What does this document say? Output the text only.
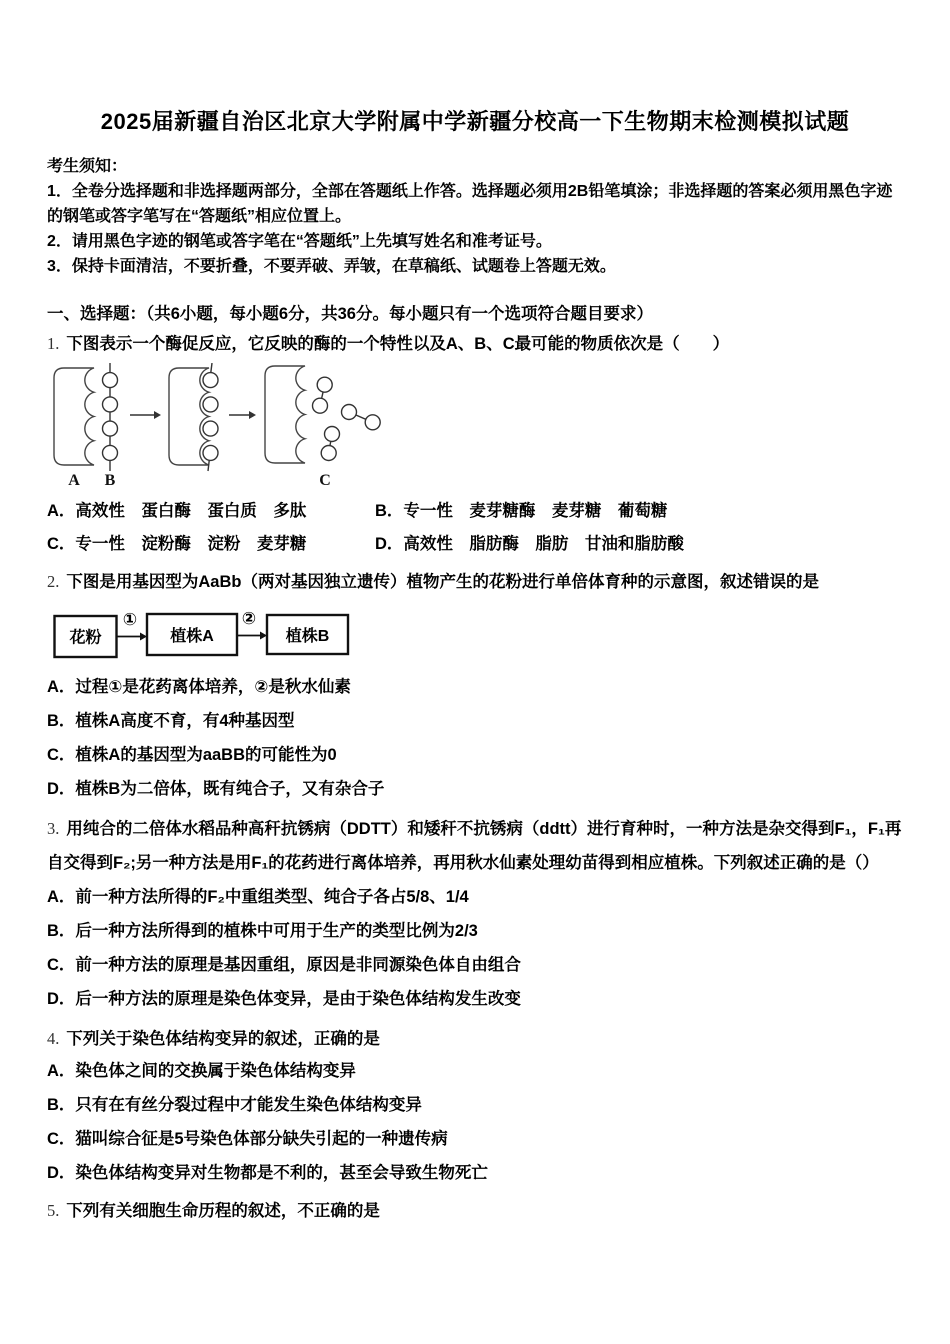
2025届新疆自治区北京大学附属中学新疆分校高一下生物期末检测模拟试题

考生须知：

1．全卷分选择题和非选择题两部分，全部在答题纸上作答。选择题必须用2B铅笔填涂；非选择题的答案必须用黑色字迹的钢笔或答字笔写在“答题纸”相应位置上。

2．请用黑色字迹的钢笔或答字笔在“答题纸”上先填写姓名和准考证号。

3．保持卡面清洁，不要折叠，不要弄破、弄皱，在草稿纸、试题卷上答题无效。

一、选择题：（共6小题，每小题6分，共36分。每小题只有一个选项符合题目要求）

1. 下图表示一个酶促反应，它反映的酶的一个特性以及A、B、C最可能的物质依次是（　　）

A B	C
A．高效性　蛋白酶　蛋白质　多肽	B．专一性　麦芽糖酶　麦芽糖　葡萄糖
C．专一性　淀粉酶　淀粉　麦芽糖	D．高效性　脂肪酶　脂肪　甘油和脂肪酸

2. 下图是用基因型为AaBb（两对基因独立遗传）植物产生的花粉进行单倍体育种的示意图，叙述错误的是

花粉	植株A	植株B
①	②

A．过程①是花药离体培养，②是秋水仙素

B．植株A高度不育，有4种基因型

C．植株A的基因型为aaBB的可能性为0

D．植株B为二倍体，既有纯合子，又有杂合子

3. 用纯合的二倍体水稻品种高秆抗锈病（DDTT）和矮秆不抗锈病（ddtt）进行育种时，一种方法是杂交得到F₁，F₁再自交得到F₂;另一种方法是用F₁的花药进行离体培养，再用秋水仙素处理幼苗得到相应植株。下列叙述正确的是（）

A．前一种方法所得的F₂中重组类型、纯合子各占5/8、1/4

B．后一种方法所得到的植株中可用于生产的类型比例为2/3

C．前一种方法的原理是基因重组，原因是非同源染色体自由组合

D．后一种方法的原理是染色体变异，是由于染色体结构发生改变

4. 下列关于染色体结构变异的叙述，正确的是

A．染色体之间的交换属于染色体结构变异

B．只有在有丝分裂过程中才能发生染色体结构变异

C．猫叫综合征是5号染色体部分缺失引起的一种遗传病

D．染色体结构变异对生物都是不利的，甚至会导致生物死亡

5. 下列有关细胞生命历程的叙述，不正确的是
